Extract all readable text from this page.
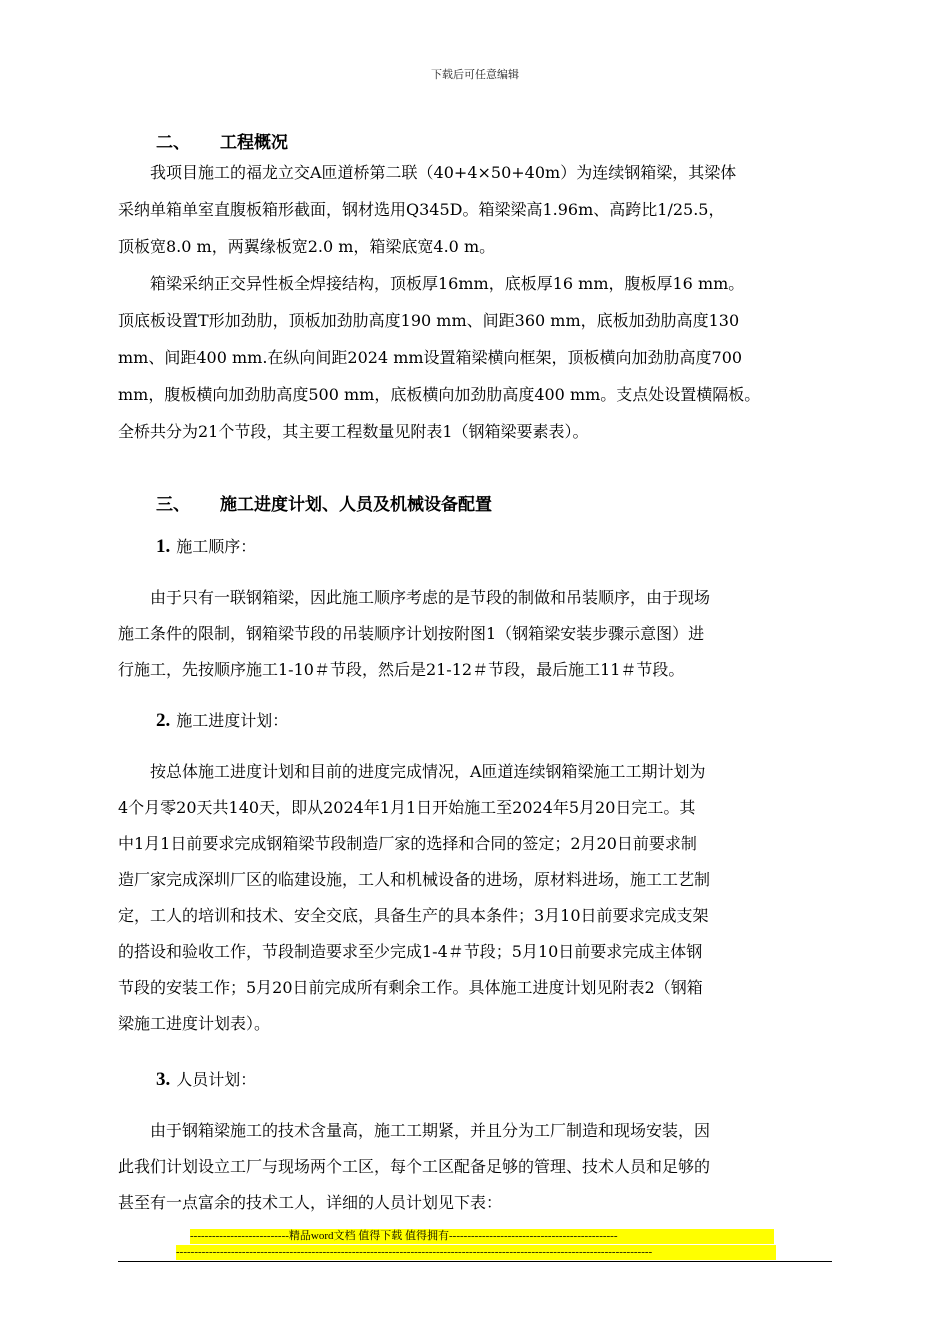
下载后可任意编辑
二、 工程概况
　　我项目施工的福龙立交A匝道桥第二联（40+4×50+40m）为连续钢箱梁，其梁体
采纳单箱单室直腹板箱形截面，钢材选用Q345D。箱梁梁高1.96m、高跨比1/25.5，
顶板宽8.0 m，两翼缘板宽2.0 m，箱梁底宽4.0 m。
　　箱梁采纳正交异性板全焊接结构，顶板厚16mm，底板厚16 mm，腹板厚16 mm。
顶底板设置T形加劲肋，顶板加劲肋高度190 mm、间距360 mm，底板加劲肋高度130
mm、间距400 mm.在纵向间距2024 mm设置箱梁横向框架，顶板横向加劲肋高度700
mm，腹板横向加劲肋高度500 mm，底板横向加劲肋高度400 mm。支点处设置横隔板。
全桥共分为21个节段，其主要工程数量见附表1（钢箱梁要素表）。
三、 施工进度计划、人员及机械设备配置
1. 施工顺序：
　　由于只有一联钢箱梁，因此施工顺序考虑的是节段的制做和吊装顺序，由于现场
施工条件的限制，钢箱梁节段的吊装顺序计划按附图1（钢箱梁安装步骤示意图）进
行施工，先按顺序施工1-10＃节段，然后是21-12＃节段，最后施工11＃节段。
2. 施工进度计划：
　　按总体施工进度计划和目前的进度完成情况，A匝道连续钢箱梁施工工期计划为
4个月零20天共140天，即从2024年1月1日开始施工至2024年5月20日完工。其
中1月1日前要求完成钢箱梁节段制造厂家的选择和合同的签定；2月20日前要求制
造厂家完成深圳厂区的临建设施，工人和机械设备的进场，原材料进场，施工工艺制
定，工人的培训和技术、安全交底，具备生产的具本条件；3月10日前要求完成支架
的搭设和验收工作，节段制造要求至少完成1-4＃节段；5月10日前要求完成主体钢
节段的安装工作；5月20日前完成所有剩余工作。具体施工进度计划见附表2（钢箱
梁施工进度计划表）。
3. 人员计划：
　　由于钢箱梁施工的技术含量高，施工工期紧，并且分为工厂制造和现场安装，因
此我们计划设立工厂与现场两个工区，每个工区配备足够的管理、技术人员和足够的
甚至有一点富余的技术工人，详细的人员计划见下表：
---------------------------精品word文档 值得下载 值得拥有----------------------------------------------
----------------------------------------------------------------------------------------------------------------------------------
